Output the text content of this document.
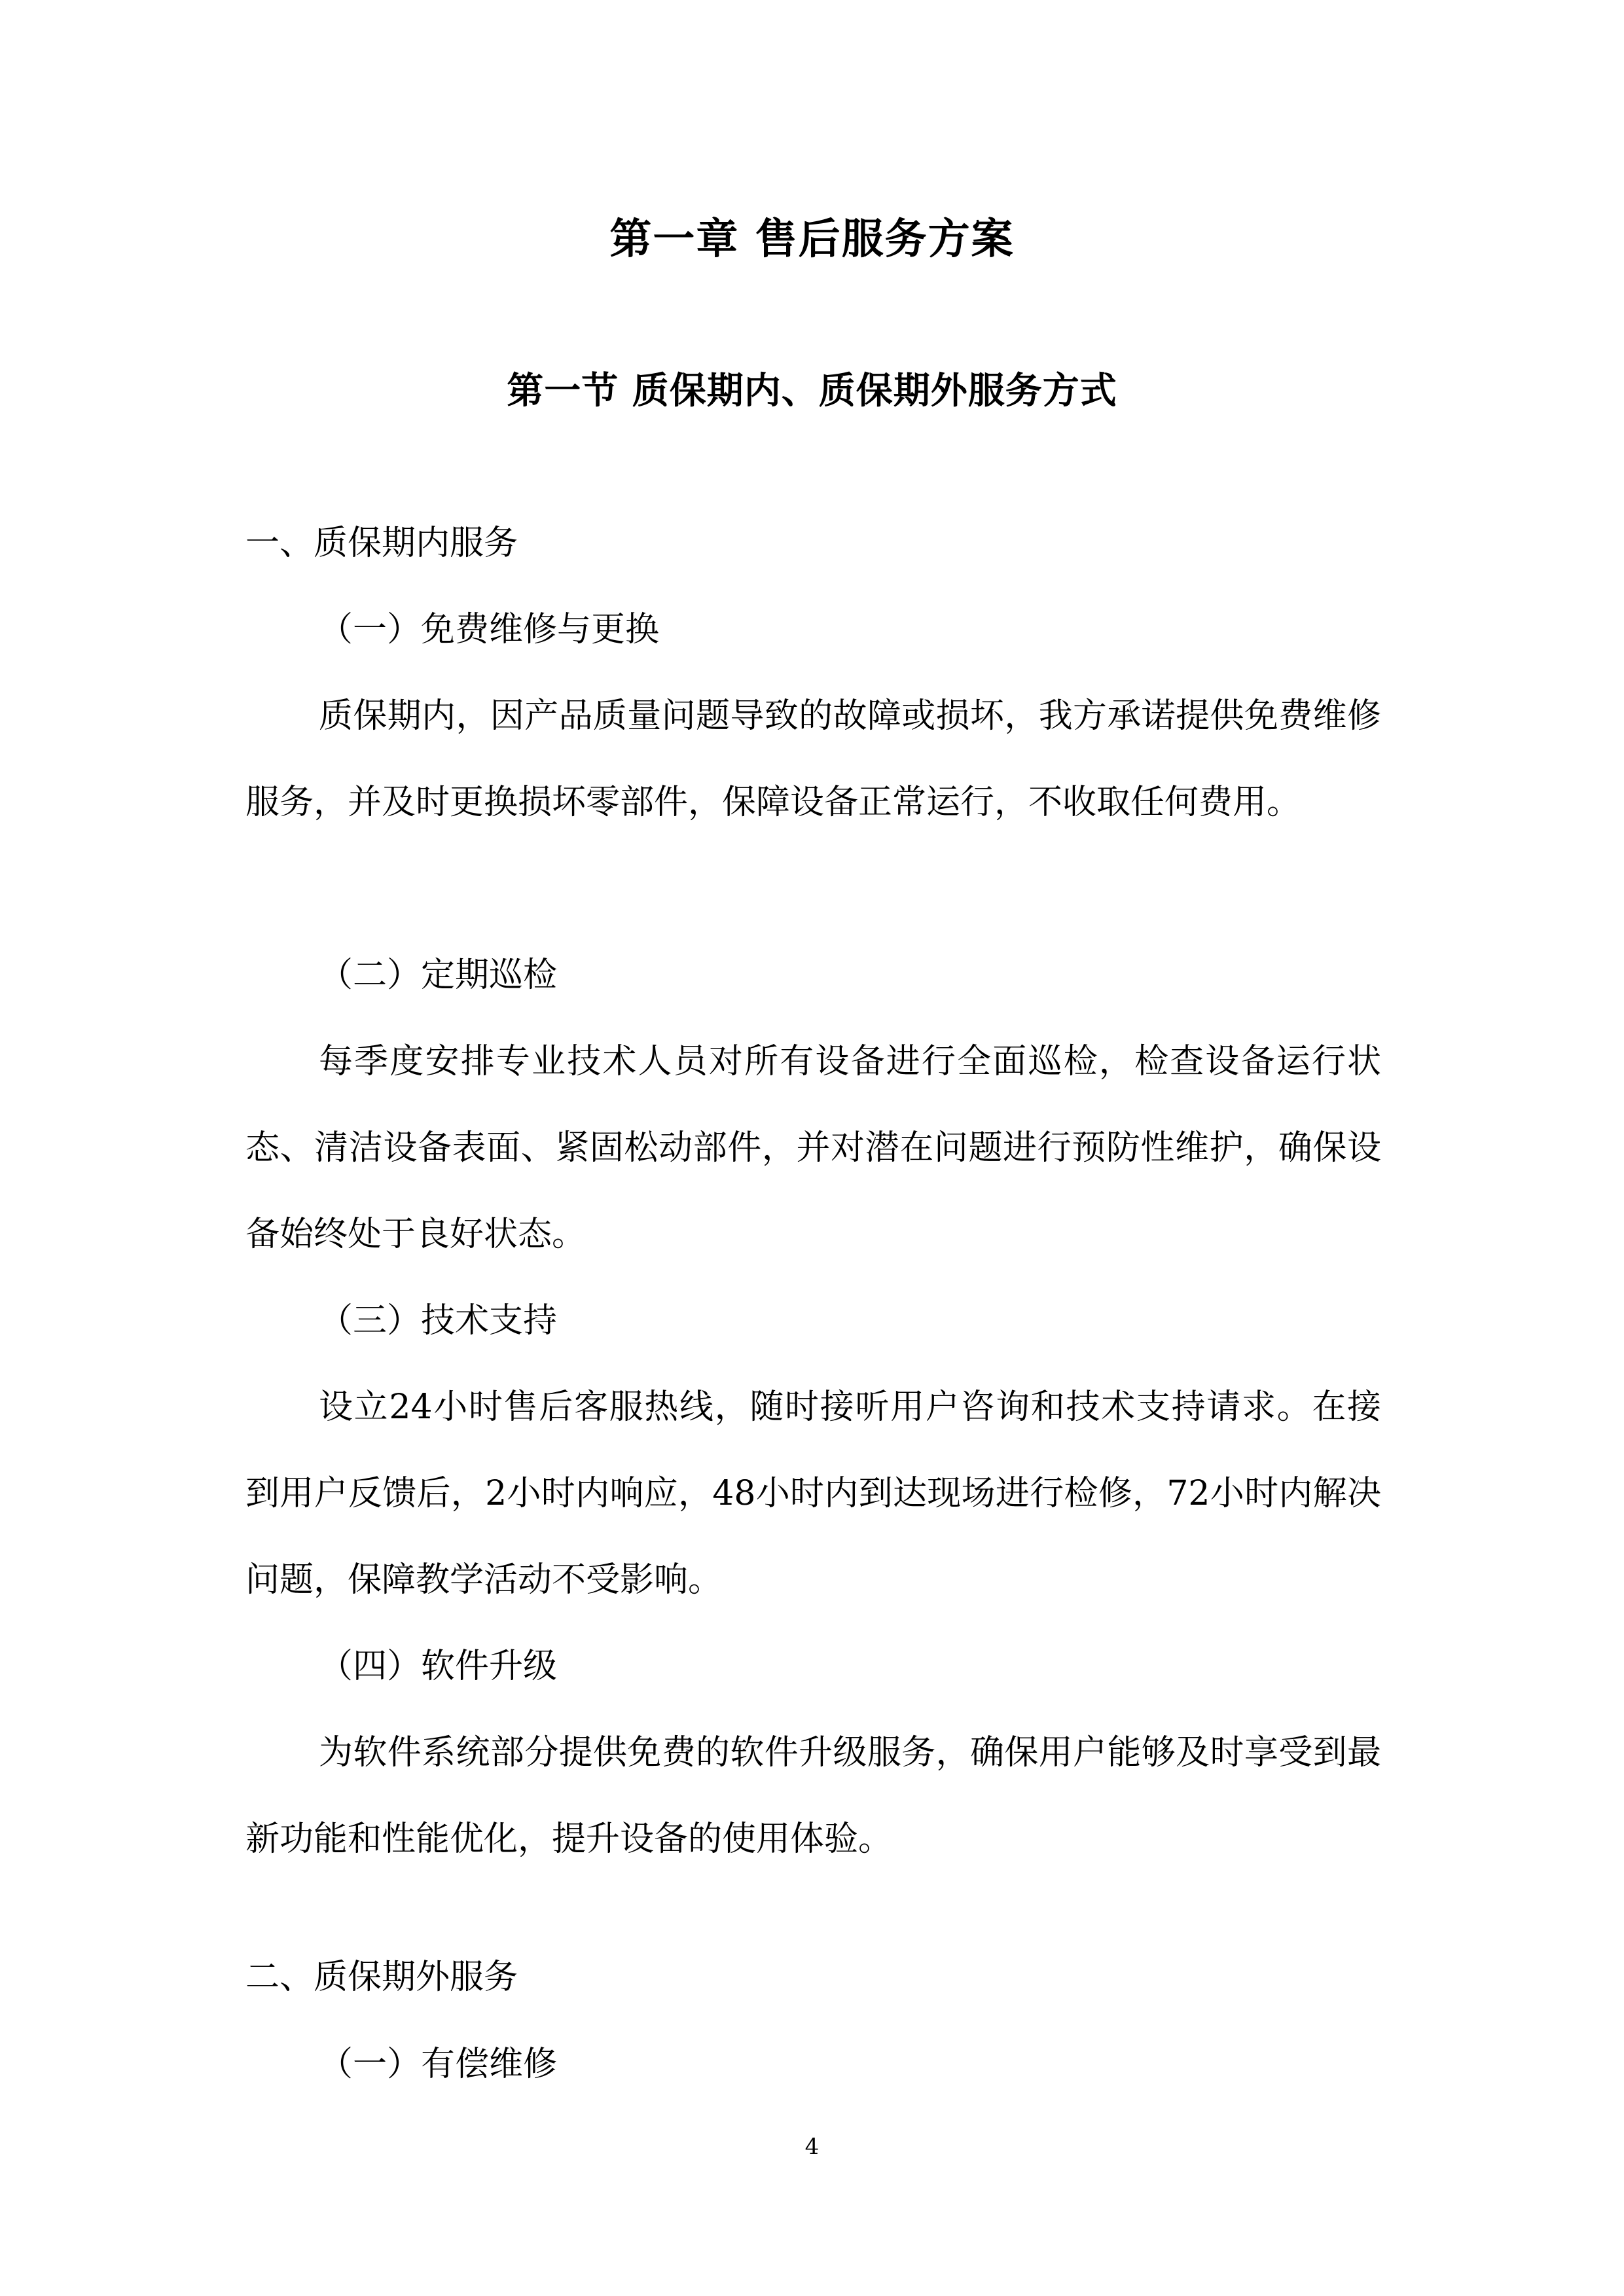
第一章 售后服务方案
第一节 质保期内、质保期外服务方式

一、质保期内服务

（一）免费维修与更换

质保期内，因产品质量问题导致的故障或损坏，我方承诺提供免费维修服务，并及时更换损坏零部件，保障设备正常运行，不收取任何费用。

（二）定期巡检

每季度安排专业技术人员对所有设备进行全面巡检，检查设备运行状态、清洁设备表面、紧固松动部件，并对潜在问题进行预防性维护，确保设备始终处于良好状态。

（三）技术支持

设立24小时售后客服热线，随时接听用户咨询和技术支持请求。在接到用户反馈后，2小时内响应，48小时内到达现场进行检修，72小时内解决问题，保障教学活动不受影响。

（四）软件升级

为软件系统部分提供免费的软件升级服务，确保用户能够及时享受到最新功能和性能优化，提升设备的使用体验。

二、质保期外服务

（一）有偿维修

4
